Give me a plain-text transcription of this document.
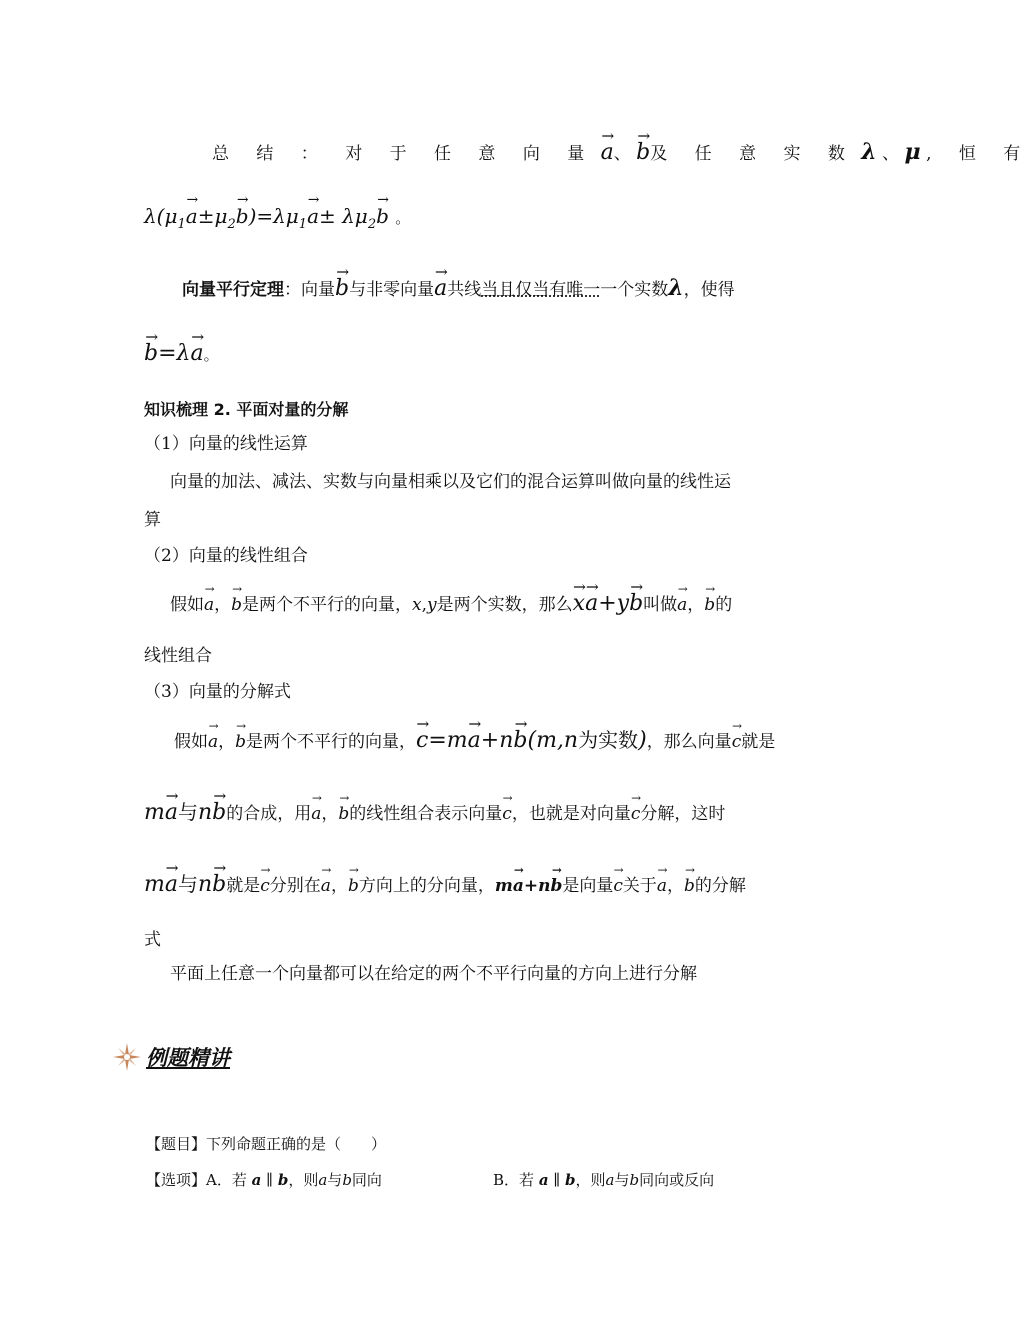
总 结 ： 对 于 任 意 向 量 → a、 → b及 任 意 实 数 λ 、 μ , 恒 有
$\lambda(\mu_1\to a\pm\mu_2\to b)=\lambda\mu_1\to a\pm \lambda\mu_2\to b$ 。
向量平行定理：向量→ b与非零向量→ a共线当且仅当有唯一一个实数λ，使得
→ b=λ→ a。
知识梳理 2. 平面对量的分解
（1）向量的线性运算
向量的加法、减法、实数与向量相乘以及它们的混合运算叫做向量的线性运
算
（2）向量的线性组合
假如→ a，→ b是两个不平行的向量，x,y是两个实数，那么→ x→ a+y→ b叫做→ a，→ b的
线性组合
（3）向量的分解式
假如→ a，→ b是两个不平行的向量，→ c=m→ a+n→ b(m,n为实数)，那么向量→ c就是
m→ a与n→ b的合成，用→ a，→ b的线性组合表示向量→ c，也就是对向量→ c分解，这时
m→ a与n→ b就是→ c分别在→ a，→ b方向上的分向量，m→ a+n→ b是向量→ c关于→ a，→ b的分解
式
平面上任意一个向量都可以在给定的两个不平行向量的方向上进行分解
例题精讲
【题目】下列命题正确的是（　　）
【选项】A．若 a ∥ b，则a与b同向	B．若 a ∥ b，则a与b同向或反向
